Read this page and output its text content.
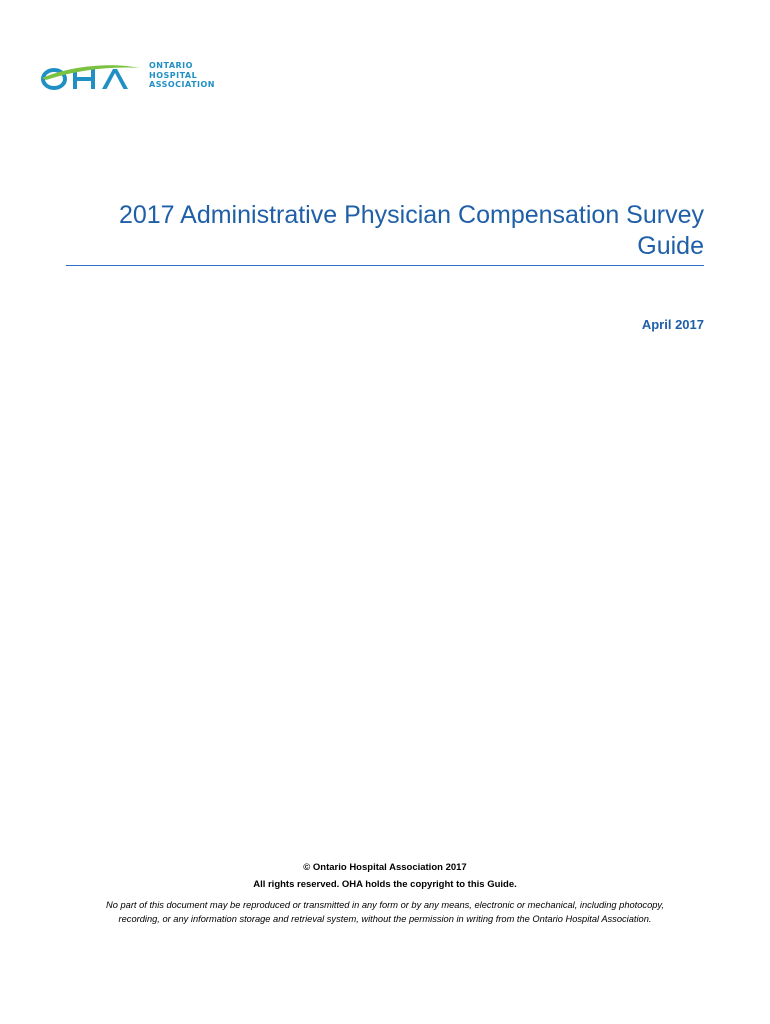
ONTARIO
HOSPITAL
ASSOCIATION
2017 Administrative Physician Compensation Survey
Guide
April 2017
© Ontario Hospital Association 2017
All rights reserved. OHA holds the copyright to this Guide.
No part of this document may be reproduced or transmitted in any form or by any means, electronic or mechanical, including photocopy,
recording, or any information storage and retrieval system, without the permission in writing from the Ontario Hospital Association.
